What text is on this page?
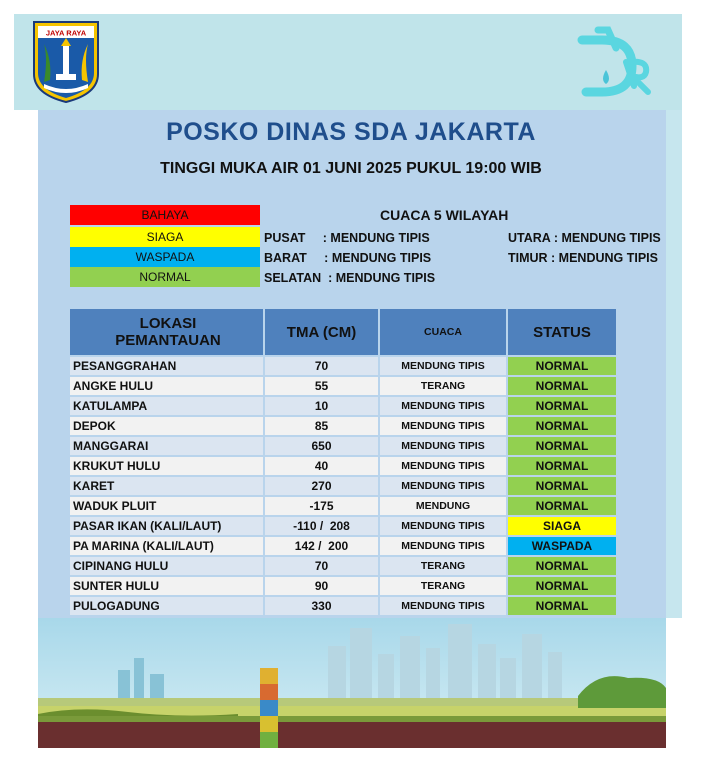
JAYA RAYA
POSKO DINAS SDA JAKARTA
TINGGI MUKA AIR 01 JUNI 2025 PUKUL 19:00 WIB
BAHAYA
SIAGA
WASPADA
NORMAL
CUACA 5 WILAYAH
PUSAT     : MENDUNG TIPIS
BARAT     : MENDUNG TIPIS
SELATAN  : MENDUNG TIPIS
UTARA : MENDUNG TIPIS
TIMUR : MENDUNG TIPIS
LOKASI
PEMANTAUAN	TMA (CM)	CUACA	STATUS
PESANGGRAHAN	70	MENDUNG TIPIS	NORMAL
ANGKE HULU	55	TERANG	NORMAL
KATULAMPA	10	MENDUNG TIPIS	NORMAL
DEPOK	85	MENDUNG TIPIS	NORMAL
MANGGARAI	650	MENDUNG TIPIS	NORMAL
KRUKUT HULU	40	MENDUNG TIPIS	NORMAL
KARET	270	MENDUNG TIPIS	NORMAL
WADUK PLUIT	-175	MENDUNG	NORMAL
PASAR IKAN (KALI/LAUT)	-110 /  208	MENDUNG TIPIS	SIAGA
PA MARINA (KALI/LAUT)	142 /  200	MENDUNG TIPIS	WASPADA
CIPINANG HULU	70	TERANG	NORMAL
SUNTER HULU	90	TERANG	NORMAL
PULOGADUNG	330	MENDUNG TIPIS	NORMAL
